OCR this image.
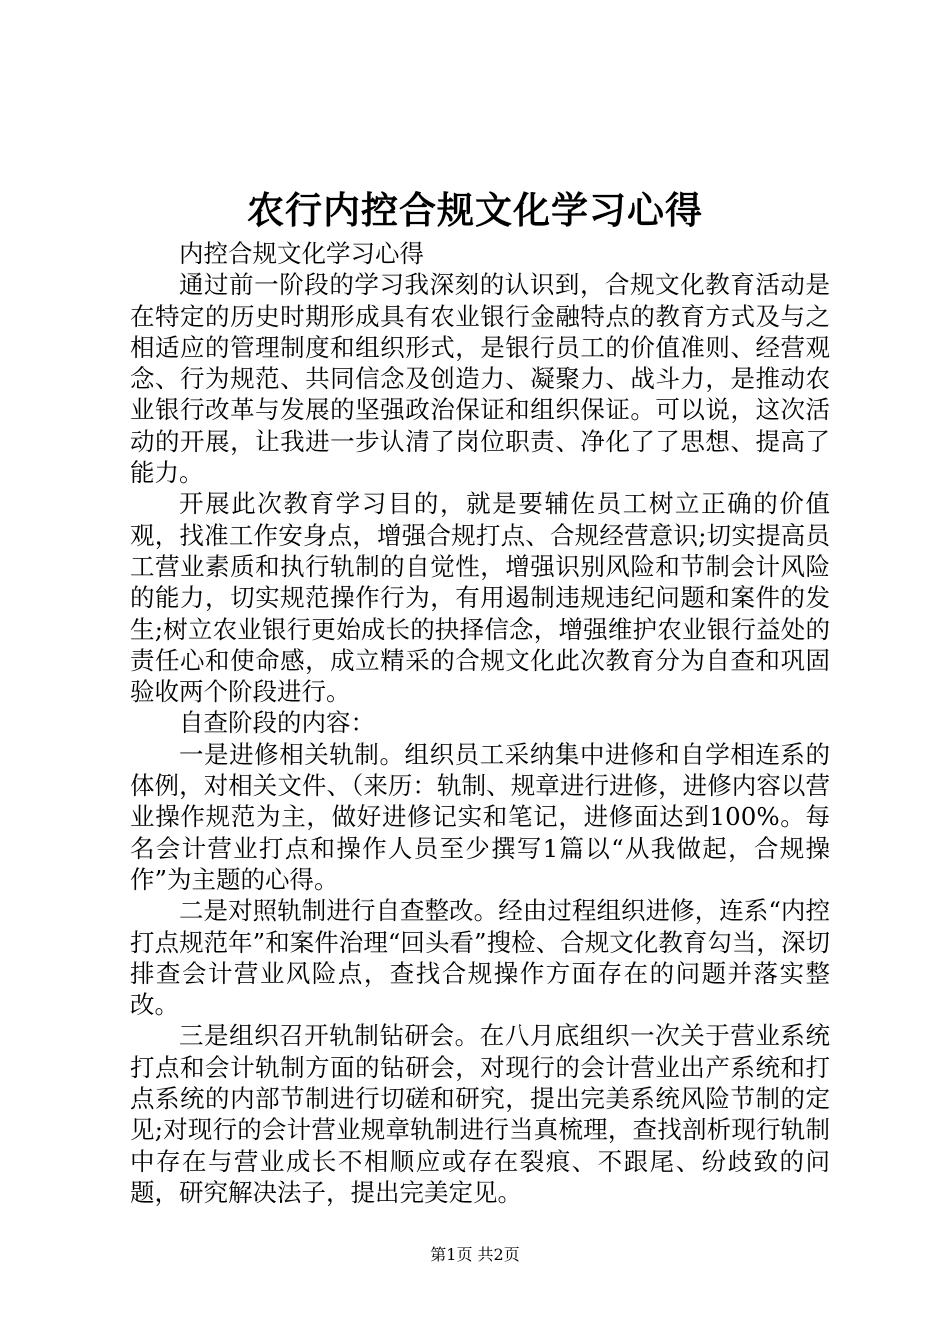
农行内控合规文化学习心得

内控合规文化学习心得

通过前一阶段的学习我深刻的认识到，合规文化教育活动是在特定的历史时期形成具有农业银行金融特点的教育方式及与之相适应的管理制度和组织形式，是银行员工的价值准则、经营观念、行为规范、共同信念及创造力、凝聚力、战斗力，是推动农业银行改革与发展的坚强政治保证和组织保证。可以说，这次活动的开展，让我进一步认清了岗位职责、净化了了思想、提高了能力。

开展此次教育学习目的，就是要辅佐员工树立正确的价值观，找准工作安身点，增强合规打点、合规经营意识;切实提高员工营业素质和执行轨制的自觉性，增强识别风险和节制会计风险的能力，切实规范操作行为，有用遏制违规违纪问题和案件的发生;树立农业银行更始成长的抉择信念，增强维护农业银行益处的责任心和使命感，成立精采的合规文化此次教育分为自查和巩固验收两个阶段进行。

自查阶段的内容：

一是进修相关轨制。组织员工采纳集中进修和自学相连系的体例，对相关文件、（来历：轨制、规章进行进修，进修内容以营业操作规范为主，做好进修记实和笔记，进修面达到100%。每名会计营业打点和操作人员至少撰写1篇以“从我做起，合规操作”为主题的心得。

二是对照轨制进行自查整改。经由过程组织进修，连系“内控打点规范年”和案件治理“回头看”搜检、合规文化教育勾当，深切排查会计营业风险点，查找合规操作方面存在的问题并落实整改。

三是组织召开轨制钻研会。在八月底组织一次关于营业系统打点和会计轨制方面的钻研会，对现行的会计营业出产系统和打点系统的内部节制进行切磋和研究，提出完美系统风险节制的定见;对现行的会计营业规章轨制进行当真梳理，查找剖析现行轨制中存在与营业成长不相顺应或存在裂痕、不跟尾、纷歧致的问题，研究解决法子，提出完美定见。

第1页 共2页
